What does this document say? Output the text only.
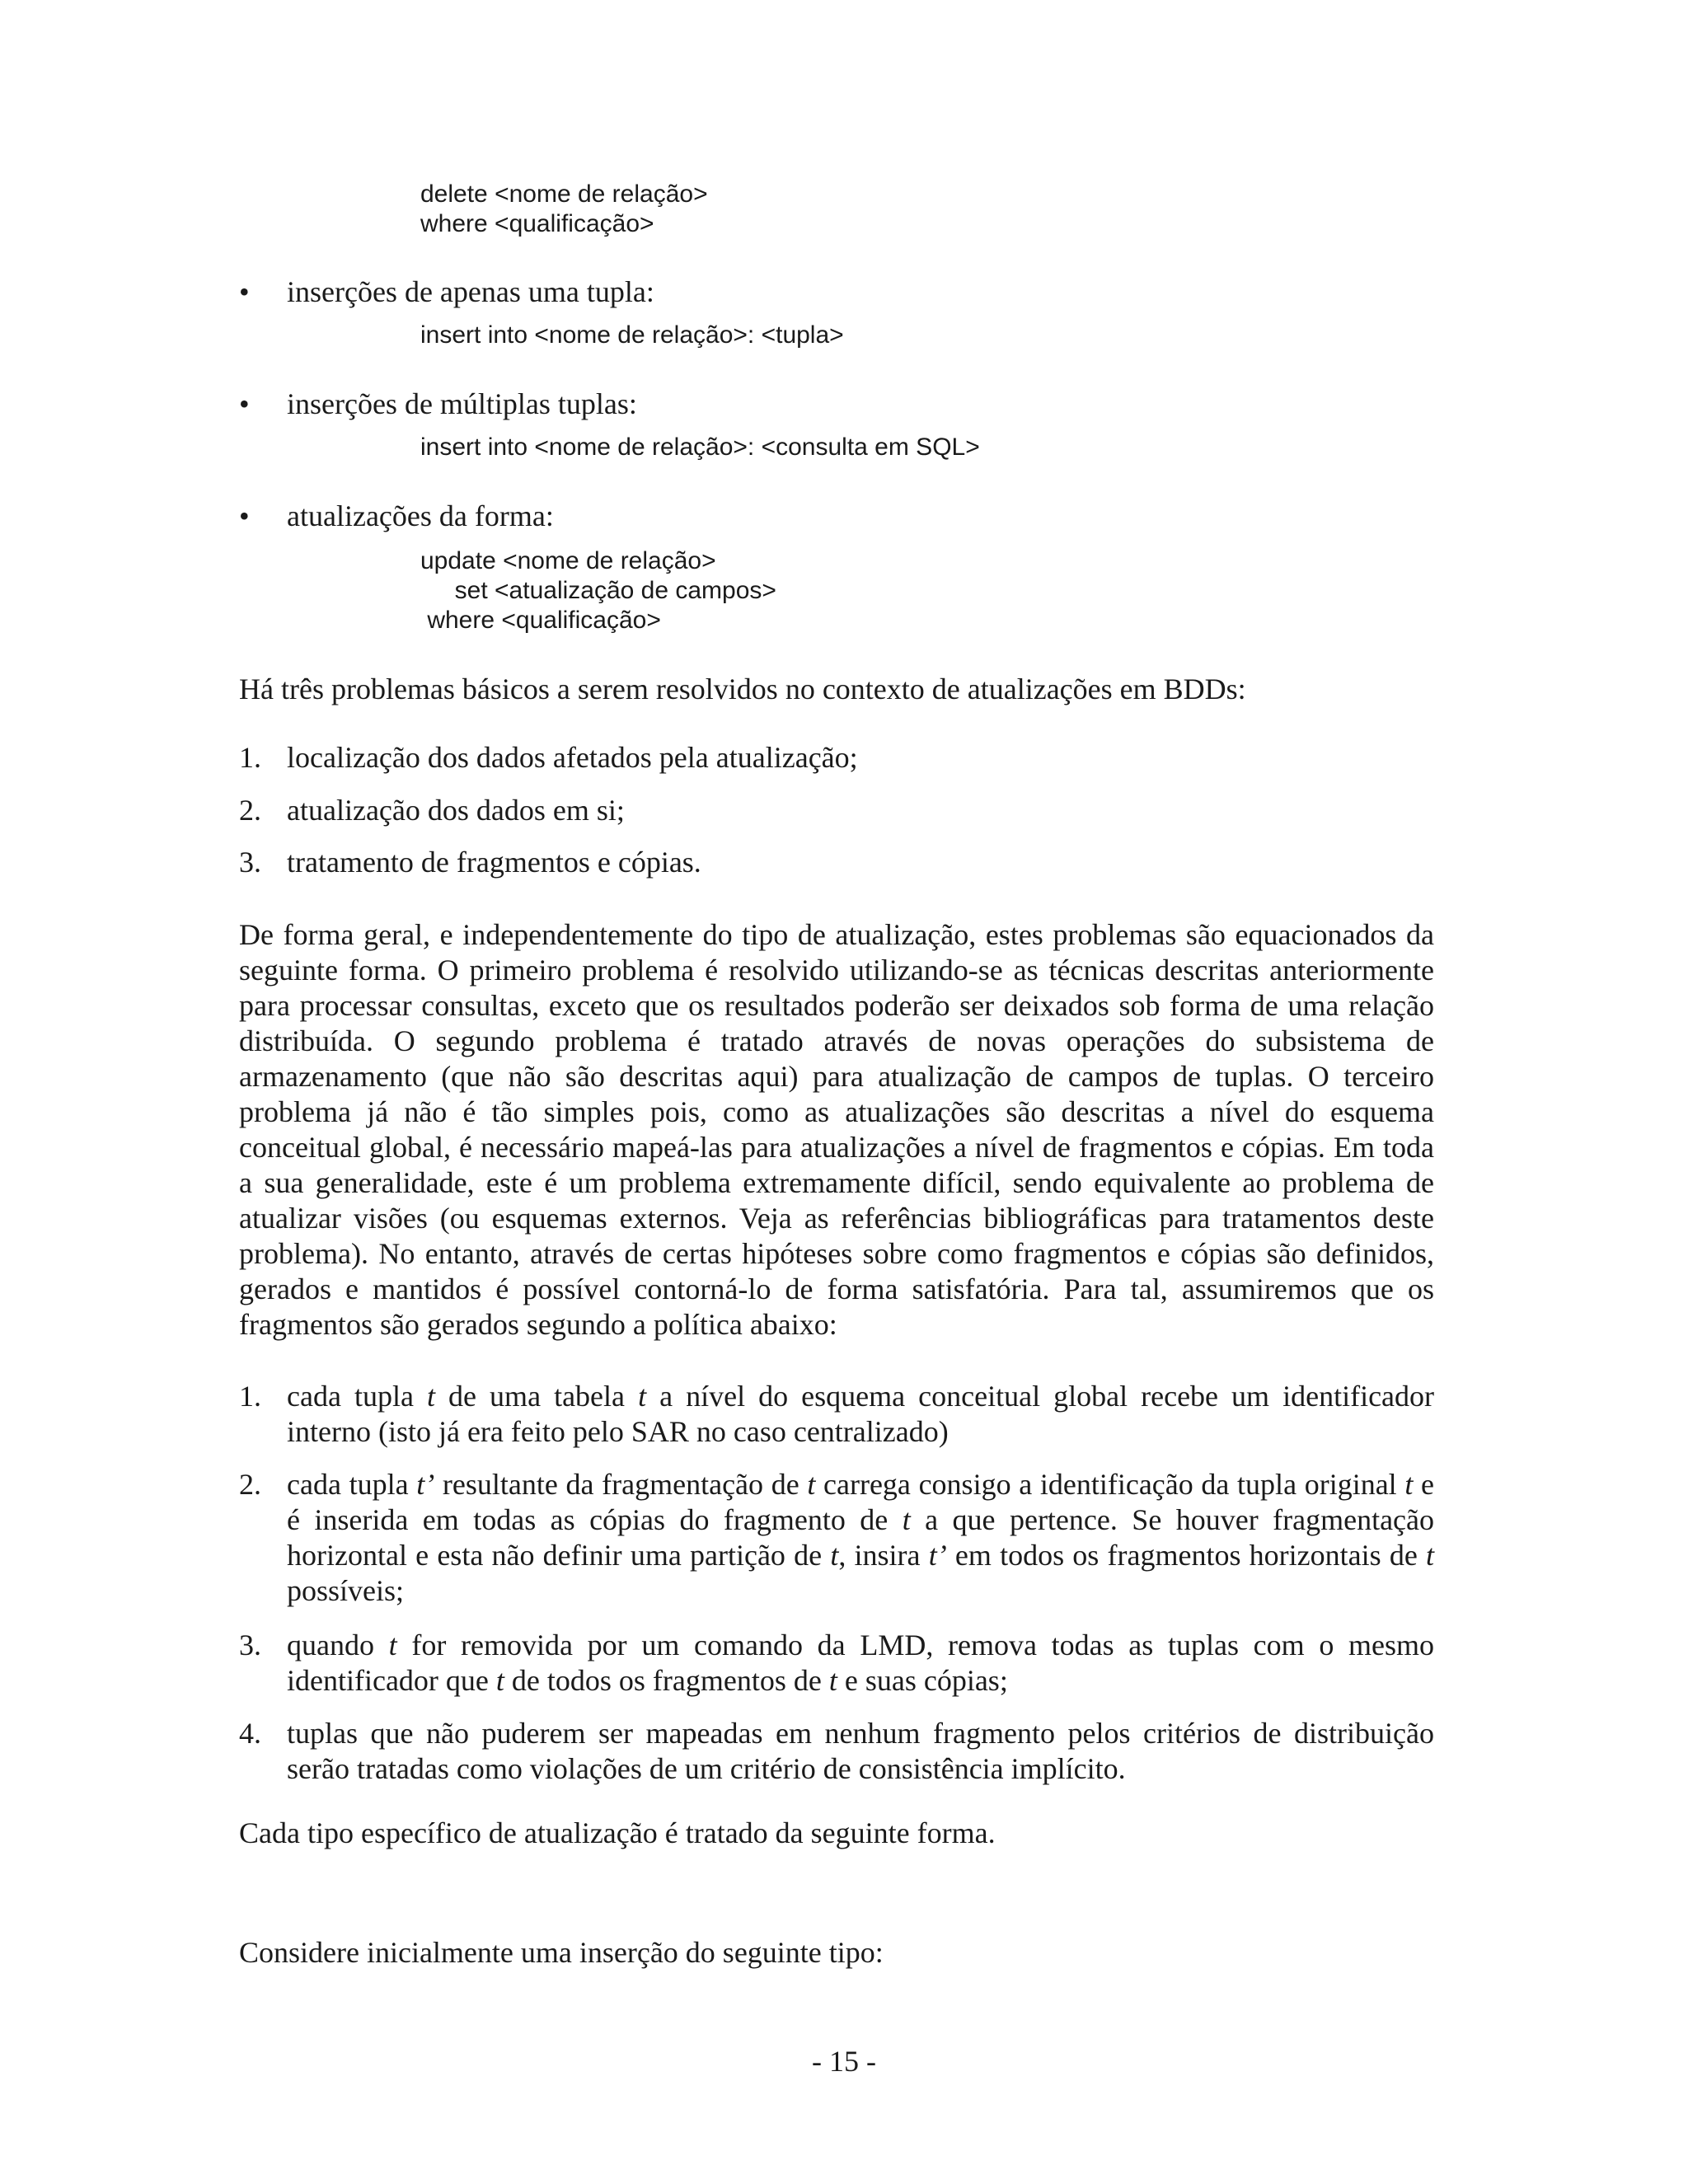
delete <nome de relação>
where <qualificação>
• inserções de apenas uma tupla:
insert into <nome de relação>: <tupla>
• inserções de múltiplas tuplas:
insert into <nome de relação>: <consulta em SQL>
• atualizações da forma:
update <nome de relação>
set <atualização de campos>
where <qualificação>

Há três problemas básicos a serem resolvidos no contexto de atualizações em BDDs:

1. localização dos dados afetados pela atualização;

2. atualização dos dados em si;

3. tratamento de fragmentos e cópias.

De forma geral, e independentemente do tipo de atualização, estes problemas são equacionados da seguinte forma. O primeiro problema é resolvido utilizando-se as técnicas descritas anteriormente para processar consultas, exceto que os resultados poderão ser deixados sob forma de uma relação distribuída. O segundo problema é tratado através de novas operações do subsistema de armazenamento (que não são descritas aqui) para atualização de campos de tuplas. O terceiro problema já não é tão simples pois, como as atualizações são descritas a nível do esquema conceitual global, é necessário mapeá-las para atualizações a nível de fragmentos e cópias. Em toda a sua generalidade, este é um problema extremamente difícil, sendo equivalente ao problema de atualizar visões (ou esquemas externos. Veja as referências bibliográficas para tratamentos deste problema). No entanto, através de certas hipóteses sobre como fragmentos e cópias são definidos, gerados e mantidos é possível contorná-lo de forma satisfatória. Para tal, assumiremos que os fragmentos são gerados segundo a política abaixo:

1. cada tupla t de uma tabela t a nível do esquema conceitual global recebe um identificador interno (isto já era feito pelo SAR no caso centralizado)

2. cada tupla t’ resultante da fragmentação de t carrega consigo a identificação da tupla original t e é inserida em todas as cópias do fragmento de t a que pertence. Se houver fragmentação horizontal e esta não definir uma partição de t, insira t’ em todos os fragmentos horizontais de t possíveis;

3. quando t for removida por um comando da LMD, remova todas as tuplas com o mesmo identificador que t de todos os fragmentos de t e suas cópias;

4. tuplas que não puderem ser mapeadas em nenhum fragmento pelos critérios de distribuição serão tratadas como violações de um critério de consistência implícito.

Cada tipo específico de atualização é tratado da seguinte forma.

Considere inicialmente uma inserção do seguinte tipo:

- 15 -
